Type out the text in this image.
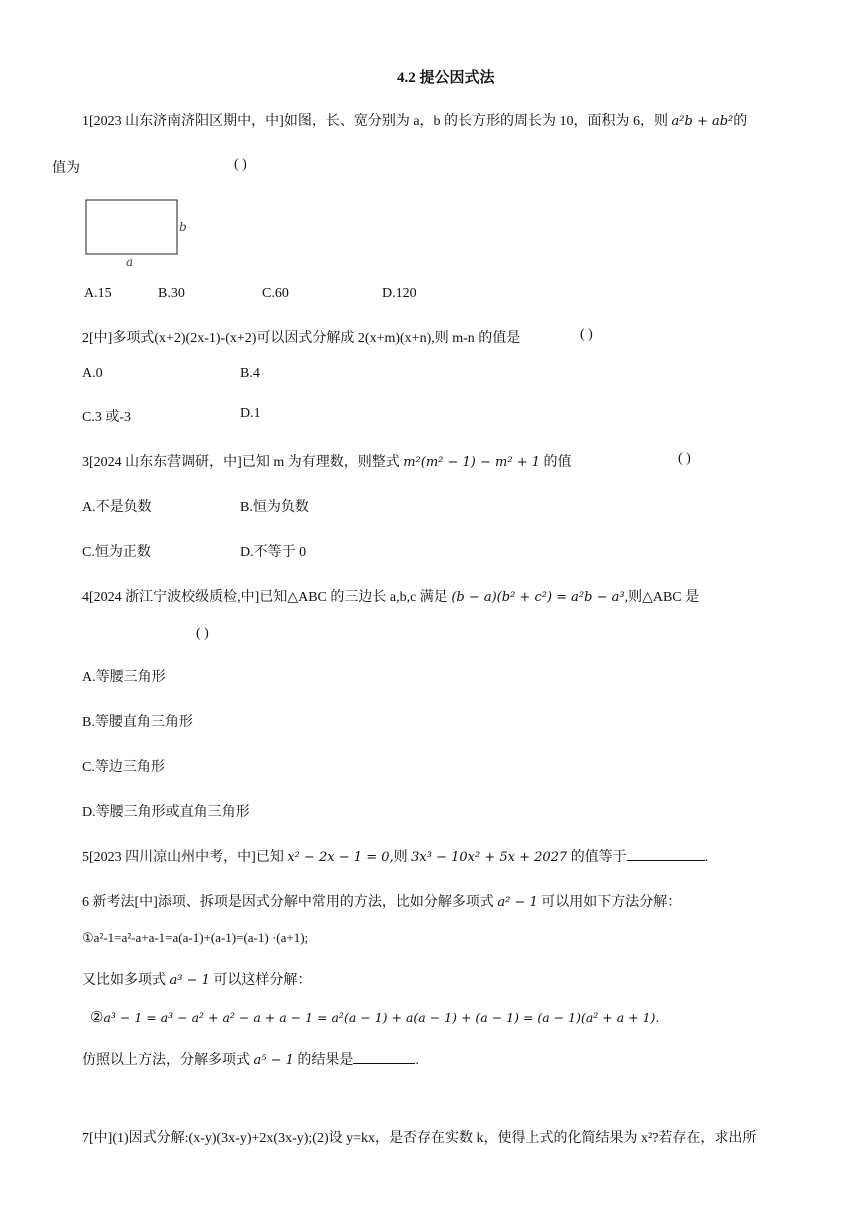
4.2 提公因式法
1[2023 山东济南济阳区期中，中]如图，长、宽分别为 a，b 的长方形的周长为 10，面积为 6，则 a²b + ab²的
值为	( )
b
a
A.15	B.30	C.60	D.120
2[中]多项式(x+2)(2x-1)-(x+2)可以因式分解成 2(x+m)(x+n),则 m-n 的值是	( )
A.0	B.4
C.3 或-3	D.1
3[2024 山东东营调研，中]已知 m 为有理数，则整式 m²(m² − 1) − m² + 1 的值	( )
A.不是负数	B.恒为负数
C.恒为正数	D.不等于 0
4[2024 浙江宁波校级质检,中]已知△ABC 的三边长 a,b,c 满足 (b − a)(b² + c²) = a²b − a³,则△ABC 是
( )
A.等腰三角形
B.等腰直角三角形
C.等边三角形
D.等腰三角形或直角三角形
5[2023 四川凉山州中考，中]已知 x² − 2x − 1 = 0,则 3x³ − 10x² + 5x + 2027 的值等于	.
6 新考法[中]添项、拆项是因式分解中常用的方法，比如分解多项式 a² − 1 可以用如下方法分解：
①a²-1=a²-a+a-1=a(a-1)+(a-1)=(a-1) ·(a+1);
又比如多项式 a³ − 1 可以这样分解：
②a³ − 1 = a³ − a² + a² − a + a − 1 = a²(a − 1) + a(a − 1) + (a − 1) = (a − 1)(a² + a + 1).
仿照以上方法，分解多项式 a⁵ − 1 的结果是	.
7[中](1)因式分解:(x-y)(3x-y)+2x(3x-y);(2)设 y=kx，是否存在实数 k，使得上式的化简结果为 x²?若存在，求出所
